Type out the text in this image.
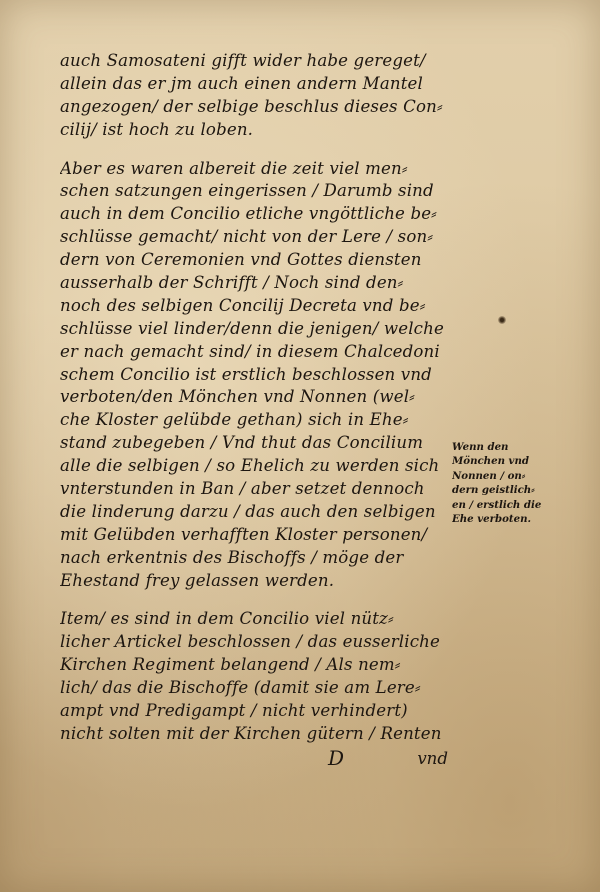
auch Samosateni gifft wider habe gereget/
allein das er jm auch einen andern Mantel
angezogen/ der selbige beschlus dieses Con⸗
cilij/ ist hoch zu loben.
Aber es waren albereit die zeit viel men⸗
schen satzungen eingerissen / Darumb sind
auch in dem Concilio etliche vngöttliche be⸗
schlüsse gemacht/ nicht von der Lere / son⸗
dern von Ceremonien vnd Gottes diensten
ausserhalb der Schrifft / Noch sind den⸗
noch des selbigen Concilij Decreta vnd be⸗
schlüsse viel linder/denn die jenigen/ welche
er nach gemacht sind/ in diesem Chalcedoni
schem Concilio ist erstlich beschlossen vnd
verboten/den Mönchen vnd Nonnen (wel⸗
che Kloster gelübde gethan) sich in Ehe⸗
stand zubegeben / Vnd thut das Concilium
alle die selbigen / so Ehelich zu werden sich
vnterstunden in Ban / aber setzet dennoch
die linderung darzu / das auch den selbigen
mit Gelübden verhafften Kloster personen/
nach erkentnis des Bischoffs / möge der
Ehestand frey gelassen werden.
Item/ es sind in dem Concilio viel nütz⸗
licher Artickel beschlossen / das eusserliche
Kirchen Regiment belangend / Als nem⸗
lich/ das die Bischoffe (damit sie am Lere⸗
ampt vnd Predigampt / nicht verhindert)
nicht solten mit der Kirchen gütern / Renten
D	vnd
Wenn den
Mönchen vnd
Nonnen / on⸗
dern geistlich⸗
en / erstlich die
Ehe verboten.
